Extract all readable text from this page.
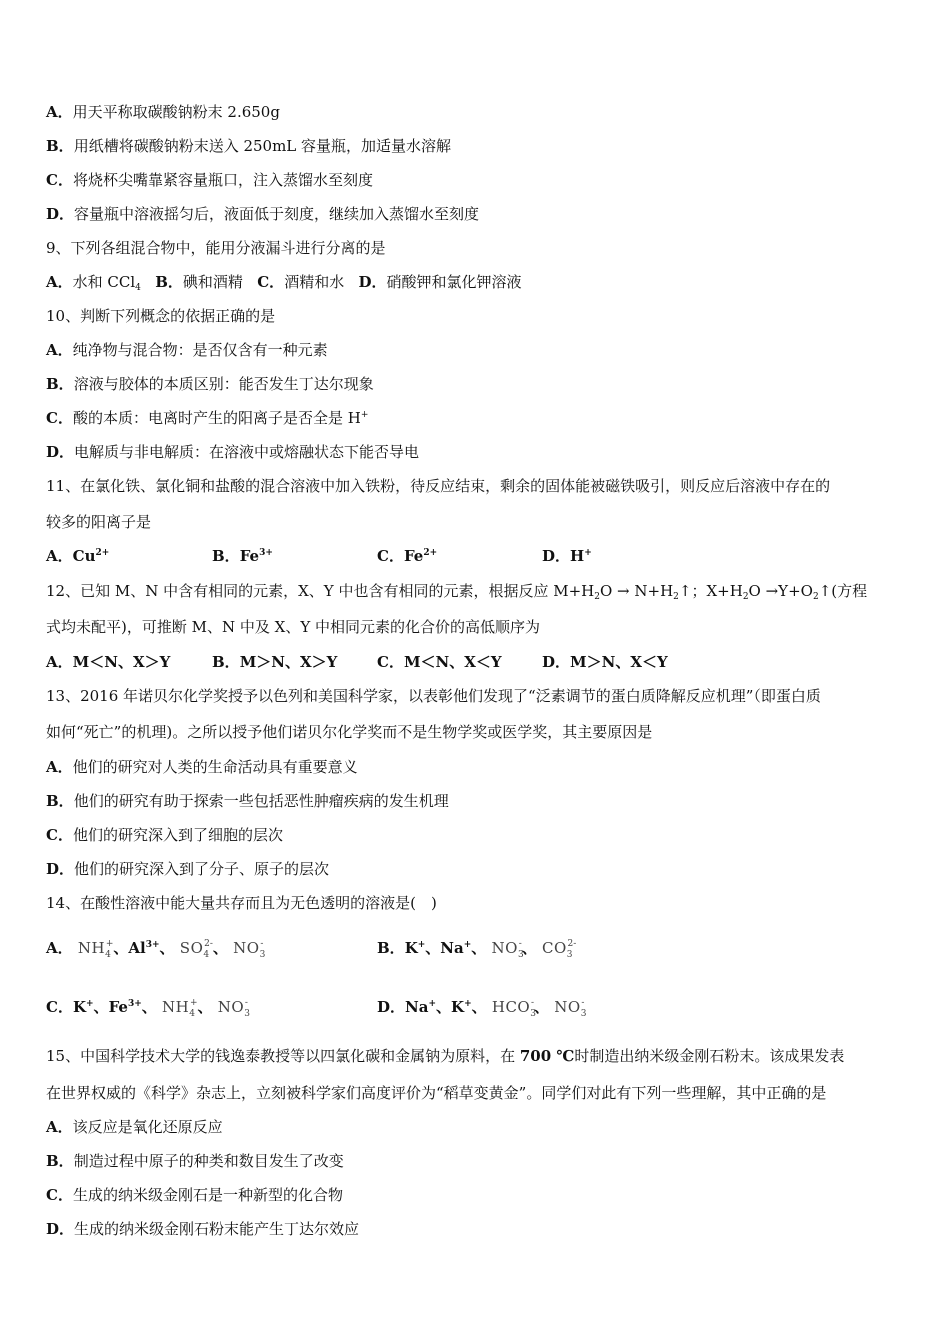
A．用天平称取碳酸钠粉末 2.650g
B．用纸槽将碳酸钠粉末送入 250mL 容量瓶，加适量水溶解
C．将烧杯尖嘴靠紧容量瓶口，注入蒸馏水至刻度
D．容量瓶中溶液摇匀后，液面低于刻度，继续加入蒸馏水至刻度
9、下列各组混合物中，能用分液漏斗进行分离的是
A．水和 CCl$_4$ B．碘和酒精 C．酒精和水 D．硝酸钾和氯化钾溶液
10、判断下列概念的依据正确的是
A．纯净物与混合物：是否仅含有一种元素
B．溶液与胶体的本质区别：能否发生丁达尔现象
C．酸的本质：电离时产生的阳离子是否全是 H+
D．电解质与非电解质：在溶液中或熔融状态下能否导电
11、在氯化铁、氯化铜和盐酸的混合溶液中加入铁粉，待反应结束，剩余的固体能被磁铁吸引，则反应后溶液中存在的
较多的阳离子是
A．$Cu^{2+}$	B．$Fe^{3+}$	C．$Fe^{2+}$	D．H+
12、已知 M、N 中含有相同的元素，X、Y 中也含有相同的元素，根据反应 $M+H_2O$ → $N+H_2↑$；$X+H_2O$ $\to Y+O_2↑$(方程
式均未配平)，可推断 M、N 中及 X、Y 中相同元素的化合价的高低顺序为
A．M＜N、X＞Y	B．M＞N、X＞Y	C．M＜N、X＜Y	D．M＞N、X＜Y
13、2016 年诺贝尔化学奖授予以色列和美国科学家，以表彰他们发现了“泛素调节的蛋白质降解反应机理”（即蛋白质
如何“死亡”的机理)。之所以授予他们诺贝尔化学奖而不是生物学奖或医学奖，其主要原因是
A．他们的研究对人类的生命活动具有重要意义
B．他们的研究有助于探索一些包括恶性肿瘤疾病的发生机理
C．他们的研究深入到了细胞的层次
D．他们的研究深入到了分子、原子的层次
14、在酸性溶液中能大量共存而且为无色透明的溶液是(　)
A． $NH_4^+$、$Al^{3+}$、 $SO_4^{2-}$、 $NO_3^-$	B．K+、Na+、 $NO_3^-$、 $CO_3^{2-}$
C．K+、$Fe^{3+}$、 $NH_4^+$、 $NO_3^-$	D．Na+、K+、 $HCO_3^-$、 $NO_3^-$
15、中国科学技术大学的钱逸泰教授等以四氯化碳和金属钠为原料，在 700 ℃时制造出纳米级金刚石粉末。该成果发表
在世界权威的《科学》杂志上，立刻被科学家们高度评价为“稻草变黄金”。同学们对此有下列一些理解，其中正确的是
A．该反应是氧化还原反应
B．制造过程中原子的种类和数目发生了改变
C．生成的纳米级金刚石是一种新型的化合物
D．生成的纳米级金刚石粉末能产生丁达尔效应
